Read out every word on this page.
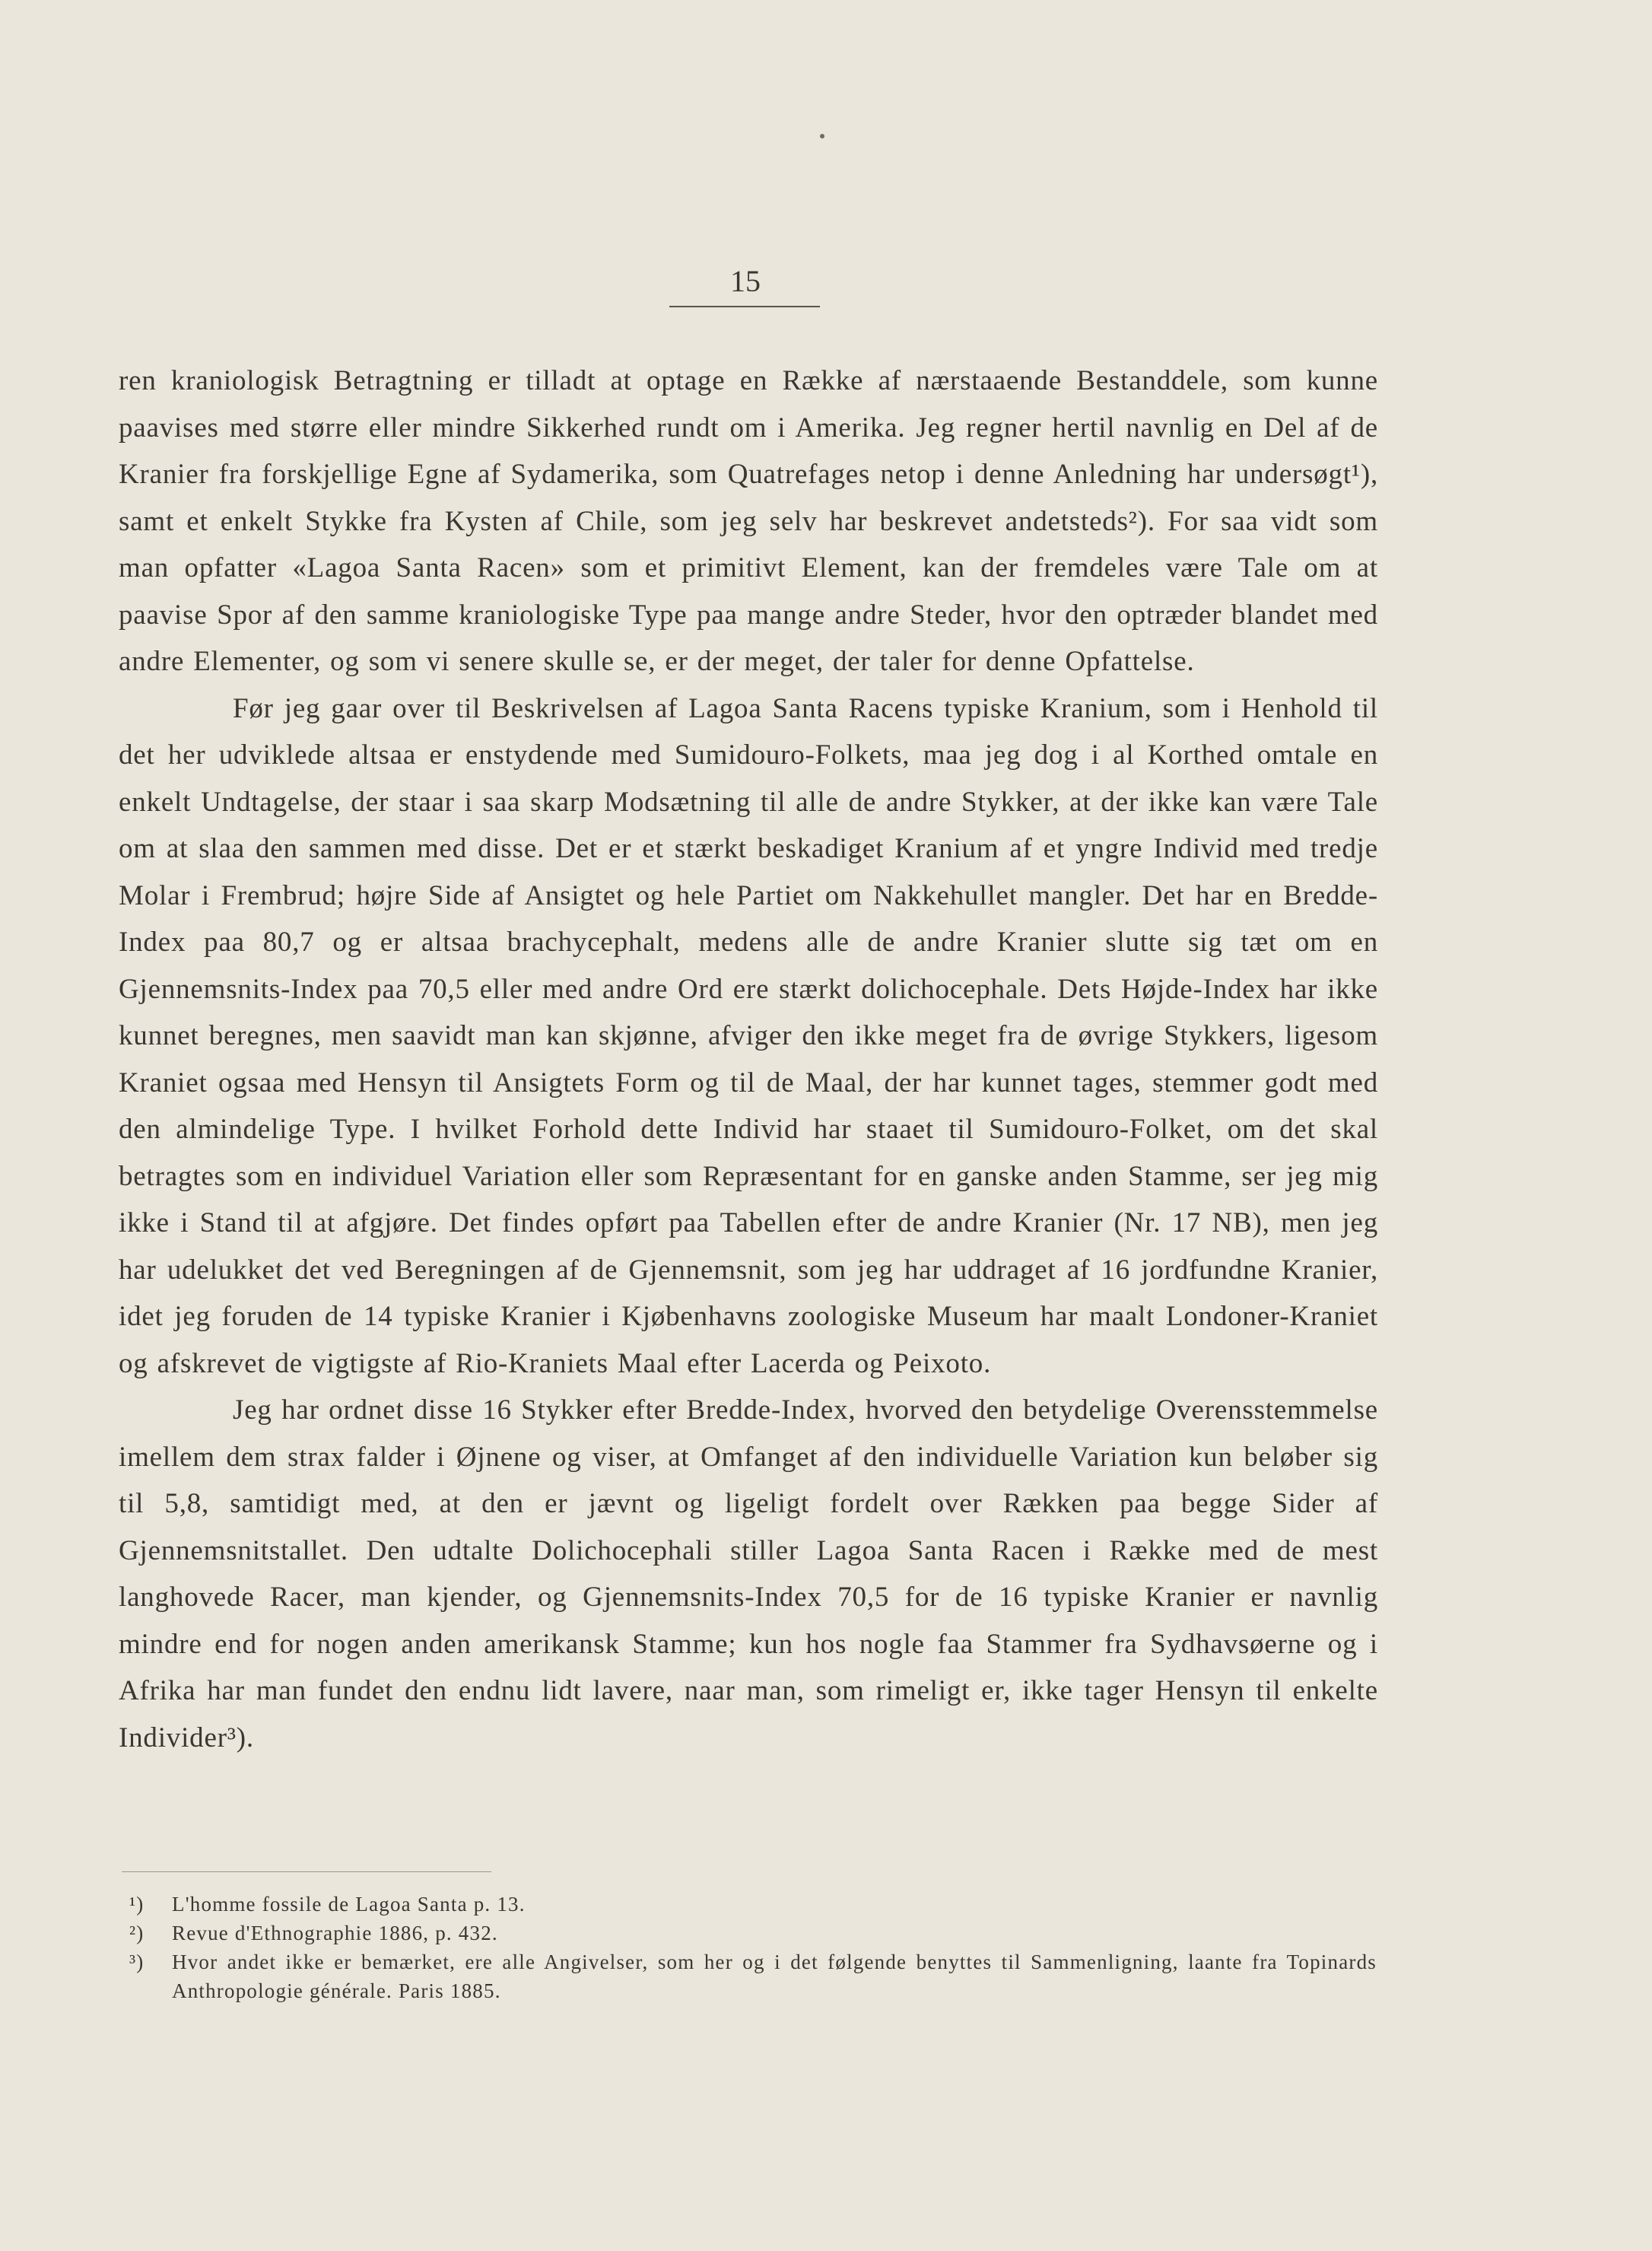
15

ren kraniologisk Betragtning er tilladt at optage en Række af nærstaaende Bestanddele, som kunne paavises med større eller mindre Sikkerhed rundt om i Amerika. Jeg regner hertil navnlig en Del af de Kranier fra forskjellige Egne af Sydamerika, som Quatrefages netop i denne Anledning har undersøgt¹), samt et enkelt Stykke fra Kysten af Chile, som jeg selv har beskrevet andetsteds²). For saa vidt som man opfatter «Lagoa Santa Racen» som et primitivt Element, kan der fremdeles være Tale om at paavise Spor af den samme kraniologiske Type paa mange andre Steder, hvor den optræder blandet med andre Elementer, og som vi senere skulle se, er der meget, der taler for denne Opfattelse.

Før jeg gaar over til Beskrivelsen af Lagoa Santa Racens typiske Kranium, som i Henhold til det her udviklede altsaa er enstydende med Sumidouro-Folkets, maa jeg dog i al Korthed omtale en enkelt Undtagelse, der staar i saa skarp Modsætning til alle de andre Stykker, at der ikke kan være Tale om at slaa den sammen med disse. Det er et stærkt beskadiget Kranium af et yngre Individ med tredje Molar i Frembrud; højre Side af Ansigtet og hele Partiet om Nakkehullet mangler. Det har en Bredde-Index paa 80,7 og er altsaa brachycephalt, medens alle de andre Kranier slutte sig tæt om en Gjennemsnits-Index paa 70,5 eller med andre Ord ere stærkt dolichocephale. Dets Højde-Index har ikke kunnet beregnes, men saavidt man kan skjønne, afviger den ikke meget fra de øvrige Stykkers, ligesom Kraniet ogsaa med Hensyn til Ansigtets Form og til de Maal, der har kunnet tages, stemmer godt med den almindelige Type. I hvilket Forhold dette Individ har staaet til Sumidouro-Folket, om det skal betragtes som en individuel Variation eller som Repræsentant for en ganske anden Stamme, ser jeg mig ikke i Stand til at afgjøre. Det findes opført paa Tabellen efter de andre Kranier (Nr. 17 NB), men jeg har udelukket det ved Beregningen af de Gjennemsnit, som jeg har uddraget af 16 jordfundne Kranier, idet jeg foruden de 14 typiske Kranier i Kjøbenhavns zoologiske Museum har maalt Londoner-Kraniet og afskrevet de vigtigste af Rio-Kraniets Maal efter Lacerda og Peixoto.

Jeg har ordnet disse 16 Stykker efter Bredde-Index, hvorved den betydelige Overensstemmelse imellem dem strax falder i Øjnene og viser, at Omfanget af den individuelle Variation kun beløber sig til 5,8, samtidigt med, at den er jævnt og ligeligt fordelt over Rækken paa begge Sider af Gjennemsnitstallet. Den udtalte Dolichocephali stiller Lagoa Santa Racen i Række med de mest langhovede Racer, man kjender, og Gjennemsnits-Index 70,5 for de 16 typiske Kranier er navnlig mindre end for nogen anden amerikansk Stamme; kun hos nogle faa Stammer fra Sydhavsøerne og i Afrika har man fundet den endnu lidt lavere, naar man, som rimeligt er, ikke tager Hensyn til enkelte Individer³).

¹)	L'homme fossile de Lagoa Santa p. 13.
²)	Revue d'Ethnographie 1886, p. 432.
³)	Hvor andet ikke er bemærket, ere alle Angivelser, som her og i det følgende benyttes til Sammenligning, laante fra Topinards Anthropologie générale. Paris 1885.
